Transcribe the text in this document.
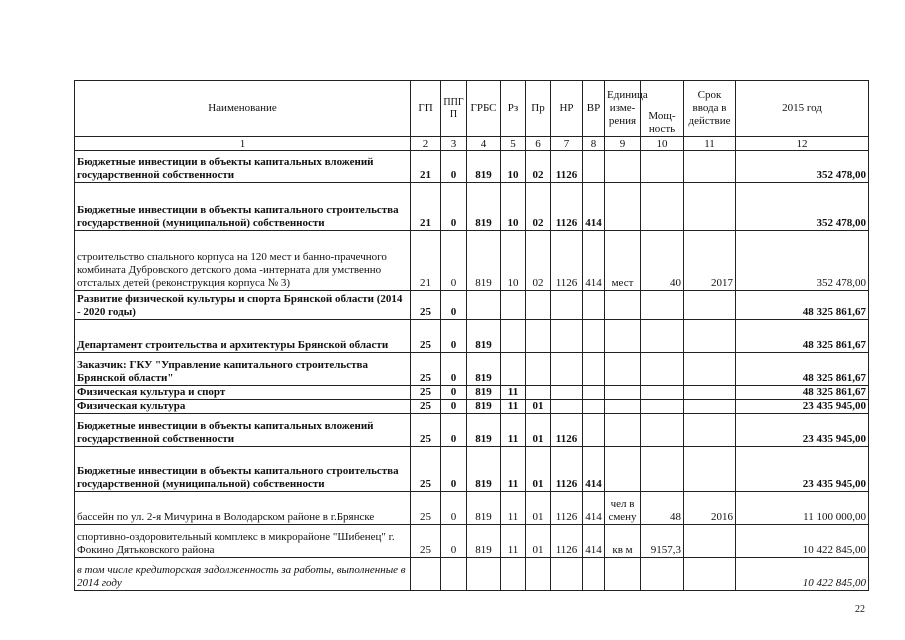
Наименование	ГП	ППГП	ГРБС	Рз	Пр	НР	ВР	Единица изме-рения	Мощ-ность	Срок ввода в действие	2015 год
1	2	3	4	5	6	7	8	9	10	11	12
Бюджетные инвестиции в объекты капитальных вложений государственной собственности	21	0	819	10	02	1126					352 478,00
Бюджетные инвестиции в объекты капитального строительства государственной (муниципальной) собственности	21	0	819	10	02	1126	414				352 478,00
строительство спального корпуса на 120 мест и банно-прачечного комбината Дубровского детского дома -интерната для умственно отсталых детей (реконструкция корпуса № 3)	21	0	819	10	02	1126	414	мест	40	2017	352 478,00
Развитие физической культуры и спорта Брянской области (2014 - 2020 годы)	25	0									48 325 861,67
Департамент строительства и архитектуры Брянской области	25	0	819								48 325 861,67
Заказчик: ГКУ "Управление капитального строительства Брянской области"	25	0	819								48 325 861,67
Физическая культура и спорт	25	0	819	11							48 325 861,67
Физическая культура	25	0	819	11	01						23 435 945,00
Бюджетные инвестиции в объекты капитальных вложений государственной собственности	25	0	819	11	01	1126					23 435 945,00
Бюджетные инвестиции в объекты капитального строительства государственной (муниципальной) собственности	25	0	819	11	01	1126	414				23 435 945,00
бассейн по ул. 2-я Мичурина в Володарском районе в г.Брянске	25	0	819	11	01	1126	414	чел в смену	48	2016	11 100 000,00
спортивно-оздоровительный комплекс в микрорайоне "Шибенец" г. Фокино Дятьковского района	25	0	819	11	01	1126	414	кв м	9157,3		10 422 845,00
в том числе кредиторская задолженность за работы, выполненные в 2014 году											10 422 845,00
22
